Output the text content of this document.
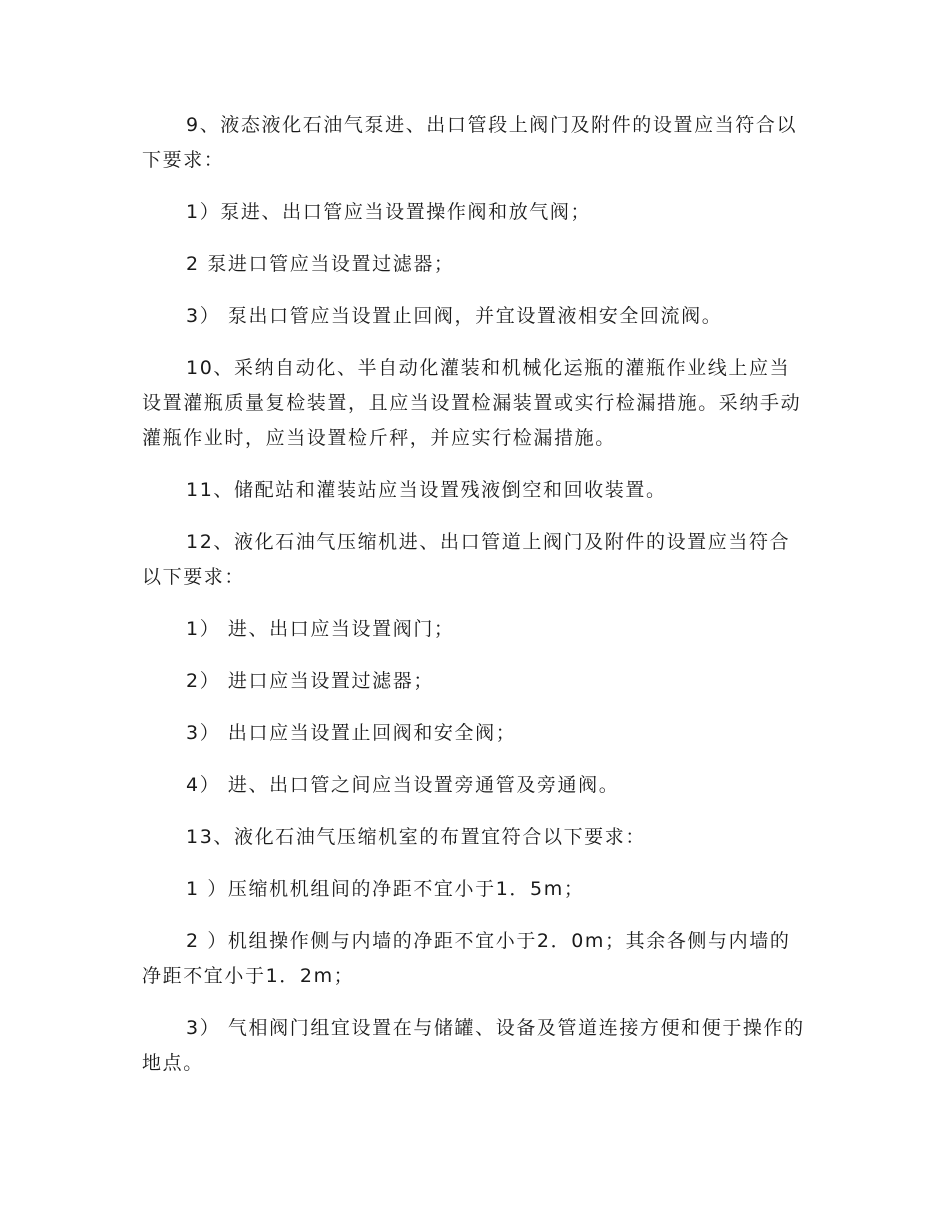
9、液态液化石油气泵进、出口管段上阀门及附件的设置应当符合以下要求：

1）泵进、出口管应当设置操作阀和放气阀；

2 泵进口管应当设置过滤器；

3） 泵出口管应当设置止回阀，并宜设置液相安全回流阀。

10、采纳自动化、半自动化灌装和机械化运瓶的灌瓶作业线上应当设置灌瓶质量复检装置，且应当设置检漏装置或实行检漏措施。采纳手动灌瓶作业时，应当设置检斤秤，并应实行检漏措施。

11、储配站和灌装站应当设置残液倒空和回收装置。

12、液化石油气压缩机进、出口管道上阀门及附件的设置应当符合以下要求：

1） 进、出口应当设置阀门；

2） 进口应当设置过滤器；

3） 出口应当设置止回阀和安全阀；

4） 进、出口管之间应当设置旁通管及旁通阀。

13、液化石油气压缩机室的布置宜符合以下要求：

1 ）压缩机机组间的净距不宜小于1．5m；

2 ）机组操作侧与内墙的净距不宜小于2．0m；其余各侧与内墙的净距不宜小于1．2m；

3） 气相阀门组宜设置在与储罐、设备及管道连接方便和便于操作的地点。
